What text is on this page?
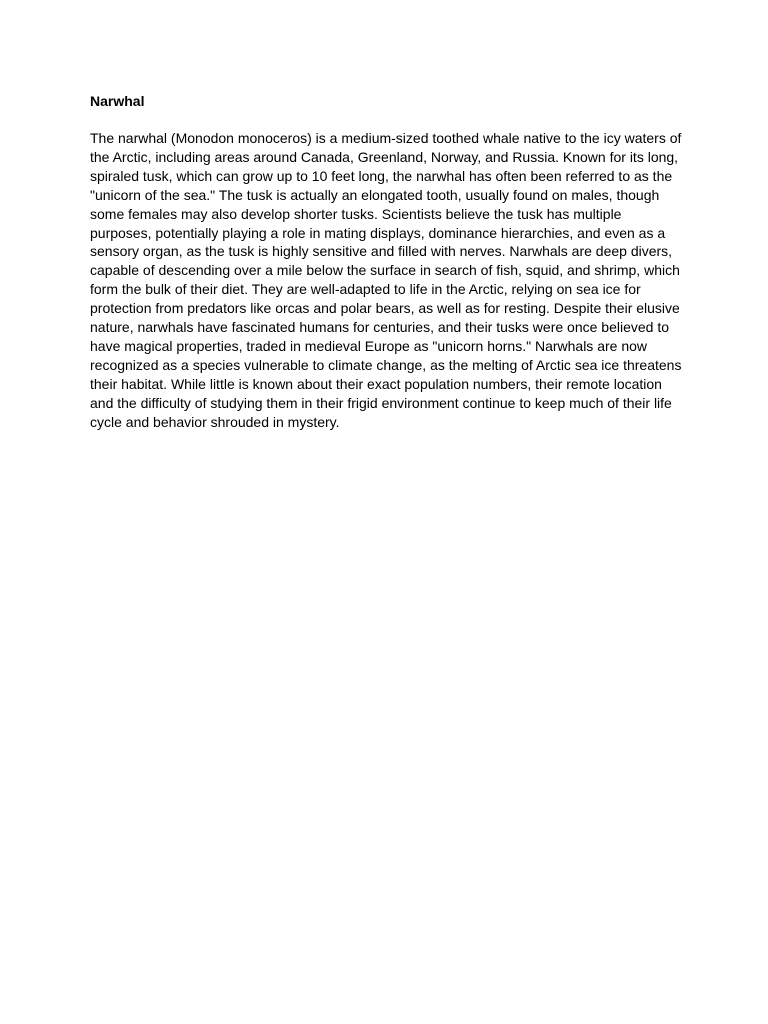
Narwhal

The narwhal (Monodon monoceros) is a medium-sized toothed whale native to the icy waters of
the Arctic, including areas around Canada, Greenland, Norway, and Russia. Known for its long,
spiraled tusk, which can grow up to 10 feet long, the narwhal has often been referred to as the
"unicorn of the sea." The tusk is actually an elongated tooth, usually found on males, though
some females may also develop shorter tusks. Scientists believe the tusk has multiple
purposes, potentially playing a role in mating displays, dominance hierarchies, and even as a
sensory organ, as the tusk is highly sensitive and filled with nerves. Narwhals are deep divers,
capable of descending over a mile below the surface in search of fish, squid, and shrimp, which
form the bulk of their diet. They are well-adapted to life in the Arctic, relying on sea ice for
protection from predators like orcas and polar bears, as well as for resting. Despite their elusive
nature, narwhals have fascinated humans for centuries, and their tusks were once believed to
have magical properties, traded in medieval Europe as "unicorn horns." Narwhals are now
recognized as a species vulnerable to climate change, as the melting of Arctic sea ice threatens
their habitat. While little is known about their exact population numbers, their remote location
and the difficulty of studying them in their frigid environment continue to keep much of their life
cycle and behavior shrouded in mystery.
